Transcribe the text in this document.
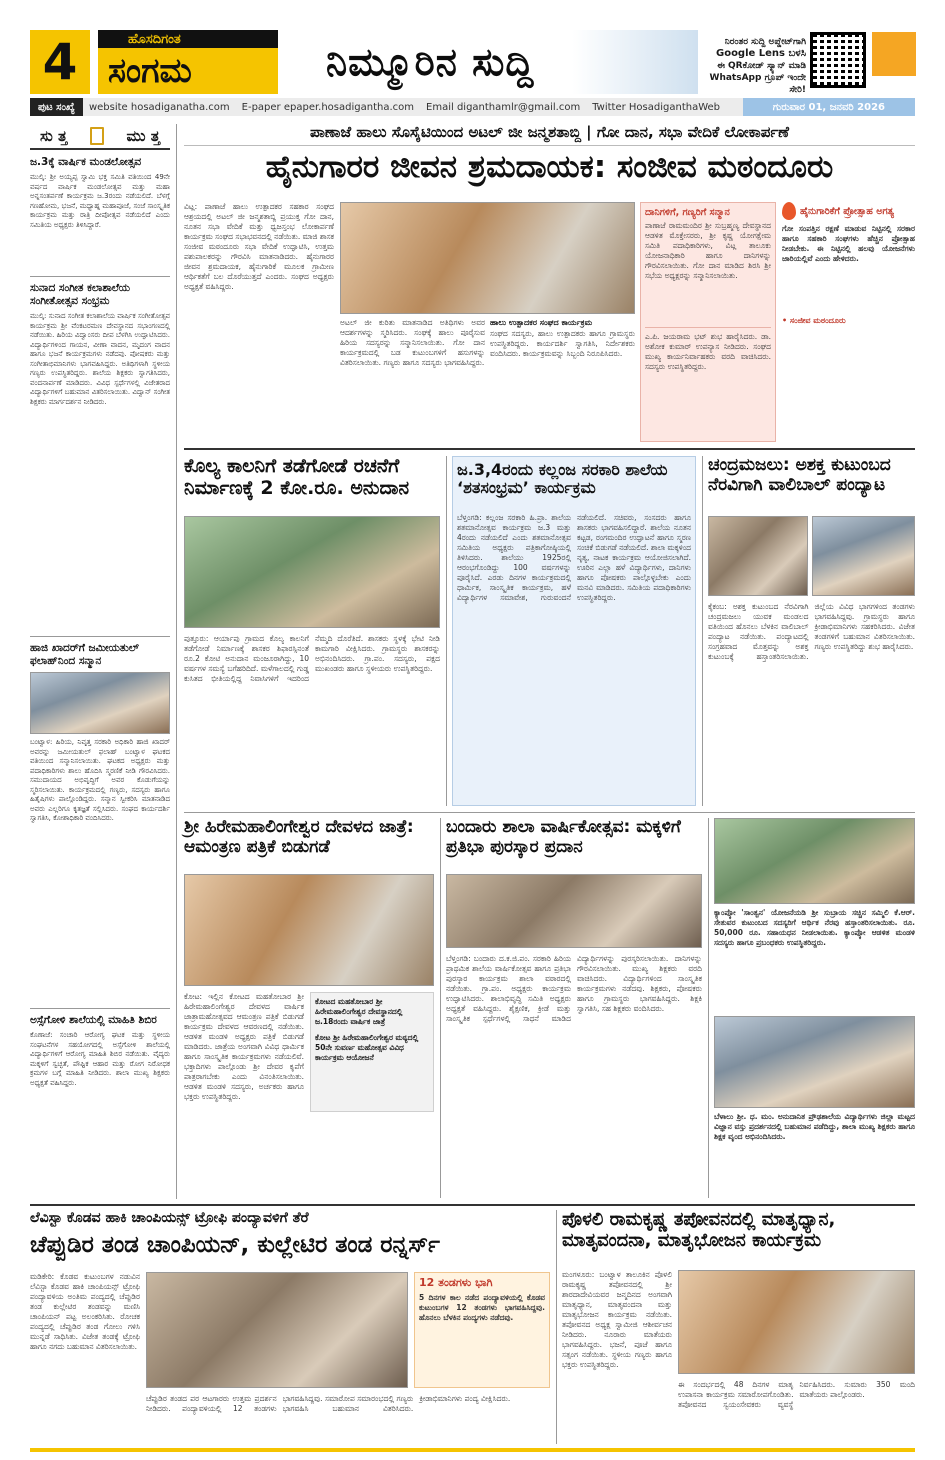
4	ಹೊಸದಿಗಂತ
ಸಂಗಮ	ನಿಮ್ಮೂರಿನ ಸುದ್ದಿ	ನಿರಂತರ ಸುದ್ದಿ ಅಪ್ಡೇಟ್‌ಗಾಗಿ
Google Lens ಬಳಸಿ
ಈ QRಕೋಡ್ ಸ್ಕ್ಯಾನ್ ಮಾಡಿ
WhatsApp ಗ್ರೂಪ್ ಇಂದೇ ಸೇರಿ!
ಪುಟ ಸಂಖ್ಯೆ	website hosadiganatha.com	E-paper epaper.hosadigantha.com	Email diganthamlr@gmail.com	Twitter HosadiganthaWeb	ಗುರುವಾರ 01, ಜನವರಿ 2026
ಸು ತ್ತ	ಮು ತ್ತ
ಜ.3ಕ್ಕೆ ವಾರ್ಷಿಕ ಮಂಡಲೋತ್ಸವ
ಮುಲ್ಕಿ: ಶ್ರೀ ಅಯ್ಯಪ್ಪ ಸ್ವಾಮಿ ಭಕ್ತ ಸಮಿತಿ ವತಿಯಿಂದ 49ನೇ ವರ್ಷದ ವಾರ್ಷಿಕ ಮಂಡಲೋತ್ಸವ ಮತ್ತು ಮಹಾ ಅನ್ನಸಂತರ್ಪಣೆ ಕಾರ್ಯಕ್ರಮ ಜ.3ರಂದು ನಡೆಯಲಿದೆ. ಬೆಳಗ್ಗೆ ಗಣಹೋಮ, ಭಜನೆ, ಮಧ್ಯಾಹ್ನ ಮಹಾಪೂಜೆ, ಸಂಜೆ ಸಾಂಸ್ಕೃತಿಕ ಕಾರ್ಯಕ್ರಮ ಮತ್ತು ರಾತ್ರಿ ದೀಪೋತ್ಸವ ನಡೆಯಲಿದೆ ಎಂದು ಸಮಿತಿಯ ಅಧ್ಯಕ್ಷರು ತಿಳಿಸಿದ್ದಾರೆ.
ಸುನಾದ ಸಂಗೀತ ಕಲಾಶಾಲೆಯ ಸಂಗೀತೋತ್ಸವ ಸಂಭ್ರಮ
ಮುಲ್ಕಿ: ಸುನಾದ ಸಂಗೀತ ಕಲಾಶಾಲೆಯ ವಾರ್ಷಿಕ ಸಂಗೀತೋತ್ಸವ ಕಾರ್ಯಕ್ರಮ ಶ್ರೀ ವೆಂಕಟರಮಣ ದೇವಸ್ಥಾನದ ಸಭಾಂಗಣದಲ್ಲಿ ನಡೆಯಿತು. ಹಿರಿಯ ವಿದ್ವಾಂಸರು ದೀಪ ಬೆಳಗಿಸಿ ಉದ್ಘಾಟಿಸಿದರು. ವಿದ್ಯಾರ್ಥಿಗಳಿಂದ ಗಾಯನ, ವೀಣಾ ವಾದನ, ಮೃದಂಗ ವಾದನ ಹಾಗೂ ಭಜನೆ ಕಾರ್ಯಕ್ರಮಗಳು ನಡೆದವು. ಪೋಷಕರು ಮತ್ತು ಸಂಗೀತಾಭಿಮಾನಿಗಳು ಭಾಗವಹಿಸಿದ್ದರು. ಅತಿಥಿಗಳಾಗಿ ಸ್ಥಳೀಯ ಗಣ್ಯರು ಉಪಸ್ಥಿತರಿದ್ದರು. ಶಾಲೆಯ ಶಿಕ್ಷಕರು ಸ್ವಾಗತಿಸಿದರು, ವಂದನಾರ್ಪಣೆ ಮಾಡಿದರು. ವಿವಿಧ ಸ್ಪರ್ಧೆಗಳಲ್ಲಿ ವಿಜೇತರಾದ ವಿದ್ಯಾರ್ಥಿಗಳಿಗೆ ಬಹುಮಾನ ವಿತರಿಸಲಾಯಿತು. ವಿದ್ವಾನ್ ಸಂಗೀತ ಶಿಕ್ಷಕರು ಮಾರ್ಗದರ್ಶನ ನೀಡಿದರು.
ಹಾಜಿ ಖಾದರ್‌ಗೆ ಜಮೀಯತುಲ್ ಫಲಾಹ್‌ನಿಂದ ಸನ್ಮಾನ
ಬಂಟ್ವಾಳ: ಹಿರಿಯ, ನಿವೃತ್ತ ಸರಕಾರಿ ಅಧಿಕಾರಿ ಹಾಜಿ ಖಾದರ್ ಅವರನ್ನು ಜಮೀಯತುಲ್ ಫಲಾಹ್ ಬಂಟ್ವಾಳ ಘಟಕದ ವತಿಯಿಂದ ಸನ್ಮಾನಿಸಲಾಯಿತು. ಘಟಕದ ಅಧ್ಯಕ್ಷರು ಮತ್ತು ಪದಾಧಿಕಾರಿಗಳು ಶಾಲು ಹೊದಿಸಿ ಸ್ಮರಣಿಕೆ ನೀಡಿ ಗೌರವಿಸಿದರು. ಸಮುದಾಯದ ಅಭಿವೃದ್ಧಿಗೆ ಅವರ ಕೊಡುಗೆಯನ್ನು ಸ್ಮರಿಸಲಾಯಿತು. ಕಾರ್ಯಕ್ರಮದಲ್ಲಿ ಗಣ್ಯರು, ಸದಸ್ಯರು ಹಾಗೂ ಹಿತೈಷಿಗಳು ಪಾಲ್ಗೊಂಡಿದ್ದರು. ಸನ್ಮಾನ ಸ್ವೀಕರಿಸಿ ಮಾತನಾಡಿದ ಅವರು ಎಲ್ಲರಿಗೂ ಕೃತಜ್ಞತೆ ಸಲ್ಲಿಸಿದರು. ಸಂಘದ ಕಾರ್ಯದರ್ಶಿ ಸ್ವಾಗತಿಸಿ, ಕೋಶಾಧಿಕಾರಿ ವಂದಿಸಿದರು.
ಅಸ್ಸೆಗೋಳಿ ಶಾಲೆಯಲ್ಲಿ ಮಾಹಿತಿ ಶಿಬಿರ
ಕೊಣಾಜೆ: ಸಂಚಾರಿ ಆರೋಗ್ಯ ಘಟಕ ಮತ್ತು ಸ್ಥಳೀಯ ಸಂಘಟನೆಗಳ ಸಹಯೋಗದಲ್ಲಿ ಅಸ್ಸೆಗೋಳಿ ಶಾಲೆಯಲ್ಲಿ ವಿದ್ಯಾರ್ಥಿಗಳಿಗೆ ಆರೋಗ್ಯ ಮಾಹಿತಿ ಶಿಬಿರ ನಡೆಯಿತು. ವೈದ್ಯರು ಮಕ್ಕಳಿಗೆ ಸ್ವಚ್ಛತೆ, ಪೌಷ್ಟಿಕ ಆಹಾರ ಮತ್ತು ರೋಗ ನಿರೋಧಕ ಕ್ರಮಗಳ ಬಗ್ಗೆ ಮಾಹಿತಿ ನೀಡಿದರು. ಶಾಲಾ ಮುಖ್ಯ ಶಿಕ್ಷಕರು ಅಧ್ಯಕ್ಷತೆ ವಹಿಸಿದ್ದರು.
ಪಾಣಾಜೆ ಹಾಲು ಸೊಸೈಟಿಯಿಂದ ಅಟಲ್ ಜೀ ಜನ್ಮಶತಾಬ್ದಿ | ಗೋ ದಾನ, ಸಭಾ ವೇದಿಕೆ ಲೋಕಾರ್ಪಣೆ
ಹೈನುಗಾರರ ಜೀವನ ಶ್ರಮದಾಯಕ: ಸಂಜೀವ ಮಠಂದೂರು
ವಿಟ್ಲ: ಪಾಣಾಜೆ ಹಾಲು ಉತ್ಪಾದಕರ ಸಹಕಾರ ಸಂಘದ ಆಶ್ರಯದಲ್ಲಿ ಅಟಲ್ ಜೀ ಜನ್ಮಶತಾಬ್ದಿ ಪ್ರಯುಕ್ತ ಗೋ ದಾನ, ನೂತನ ಸಭಾ ವೇದಿಕೆ ಮತ್ತು ಧ್ವಜಸ್ತಂಭ ಲೋಕಾರ್ಪಣೆ ಕಾರ್ಯಕ್ರಮ ಸಂಘದ ಸಭಾಭವನದಲ್ಲಿ ನಡೆಯಿತು. ಮಾಜಿ ಶಾಸಕ ಸಂಜೀವ ಮಠಂದೂರು ಸಭಾ ವೇದಿಕೆ ಉದ್ಘಾಟಿಸಿ, ಉತ್ತಮ ಪಶುಪಾಲಕರನ್ನು ಗೌರವಿಸಿ ಮಾತನಾಡಿದರು. ಹೈನುಗಾರರ ಜೀವನ ಶ್ರಮದಾಯಕ, ಹೈನುಗಾರಿಕೆ ಮೂಲಕ ಗ್ರಾಮೀಣ ಆರ್ಥಿಕತೆಗೆ ಬಲ ದೊರೆಯುತ್ತದೆ ಎಂದರು. ಸಂಘದ ಅಧ್ಯಕ್ಷರು ಅಧ್ಯಕ್ಷತೆ ವಹಿಸಿದ್ದರು.
ಅಟಲ್ ಜೀ ಕುರಿತು ಮಾತನಾಡಿದ ಅತಿಥಿಗಳು ಅವರ ಆದರ್ಶಗಳನ್ನು ಸ್ಮರಿಸಿದರು. ಸಂಘಕ್ಕೆ ಹಾಲು ಪೂರೈಸುವ ಹಿರಿಯ ಸದಸ್ಯರನ್ನು ಸನ್ಮಾನಿಸಲಾಯಿತು. ಗೋ ದಾನ ಕಾರ್ಯಕ್ರಮದಲ್ಲಿ ಬಡ ಕುಟುಂಬಗಳಿಗೆ ಹಸುಗಳನ್ನು ವಿತರಿಸಲಾಯಿತು. ಗಣ್ಯರು ಹಾಗೂ ಸದಸ್ಯರು ಭಾಗವಹಿಸಿದ್ದರು.
ಹಾಲು ಉತ್ಪಾದಕರ ಸಂಘದ ಕಾರ್ಯಕ್ರಮ
ಸಂಘದ ಸದಸ್ಯರು, ಹಾಲು ಉತ್ಪಾದಕರು ಹಾಗೂ ಗ್ರಾಮಸ್ಥರು ಉಪಸ್ಥಿತರಿದ್ದರು. ಕಾರ್ಯದರ್ಶಿ ಸ್ವಾಗತಿಸಿ, ನಿರ್ದೇಶಕರು ವಂದಿಸಿದರು. ಕಾರ್ಯಕ್ರಮವನ್ನು ಸಿಬ್ಬಂದಿ ನಿರೂಪಿಸಿದರು.
ದಾನಿಗಳಿಗೆ, ಗಣ್ಯರಿಗೆ ಸನ್ಮಾನ
ಪಾಣಾಜೆ ರಾಮಮಂದಿರ ಶ್ರೀ ಸುಬ್ರಹ್ಮಣ್ಯ ದೇವಸ್ಥಾನದ ಆಡಳಿತ ಮೊಕ್ತೇಸರರು, ಶ್ರೀ ಕೃಷ್ಣ ಯೋಗಕ್ಷೇಮ ಸಮಿತಿ ಪದಾಧಿಕಾರಿಗಳು, ವಿಟ್ಲ ತಾಲೂಕು ಯೋಜನಾಧಿಕಾರಿ ಹಾಗೂ ದಾನಿಗಳನ್ನು ಗೌರವಿಸಲಾಯಿತು. ಗೋ ದಾನ ಮಾಡಿದ ಶಿರಸಿ ಶ್ರೀ ಸಭೆಯ ಅಧ್ಯಕ್ಷರನ್ನು ಸನ್ಮಾನಿಸಲಾಯಿತು.
ಎ.ಪಿ. ಜಯರಾಮ ಭಟ್ ಶುಭ ಹಾರೈಸಿದರು. ಡಾ. ಅಶೋಕ ಕುಮಾರ್ ಉಪನ್ಯಾಸ ನೀಡಿದರು. ಸಂಘದ ಮುಖ್ಯ ಕಾರ್ಯನಿರ್ವಾಹಕರು ವರದಿ ವಾಚಿಸಿದರು. ಸದಸ್ಯರು ಉಪಸ್ಥಿತರಿದ್ದರು.
ಹೈನುಗಾರಿಕೆಗೆ ಪ್ರೋತ್ಸಾಹ ಅಗತ್ಯ
ಗೋ ಸಂಪತ್ತಿನ ರಕ್ಷಣೆ ಮಾಡುವ ನಿಟ್ಟಿನಲ್ಲಿ ಸರಕಾರ ಹಾಗೂ ಸಹಕಾರಿ ಸಂಘಗಳು ಹೆಚ್ಚಿನ ಪ್ರೋತ್ಸಾಹ ನೀಡಬೇಕು. ಈ ನಿಟ್ಟಿನಲ್ಲಿ ಹಲವು ಯೋಜನೆಗಳು ಜಾರಿಯಲ್ಲಿವೆ ಎಂದು ಹೇಳಿದರು.
• ಸಂಜೀವ ಮಠಂದೂರು
ಕೊಲ್ಯ ಕಾಲನಿಗೆ ತಡೆಗೋಡೆ ರಚನೆಗೆ ನಿರ್ಮಾಣಕ್ಕೆ 2 ಕೋ.ರೂ. ಅನುದಾನ
ಪುತ್ತೂರು: ಆರ್ಯಾಪು ಗ್ರಾಮದ ಕೊಲ್ಯ ಕಾಲನಿಗೆ ತಡೆಗೋಡೆ ನಿರ್ಮಾಣಕ್ಕೆ ಶಾಸಕರ ಶಿಫಾರಸ್ಸಿನಂತೆ ರೂ.2 ಕೋಟಿ ಅನುದಾನ ಮಂಜೂರಾಗಿದ್ದು, 10 ವರ್ಷಗಳ ಸಮಸ್ಯೆ ಬಗೆಹರಿದಿದೆ. ಮಳೆಗಾಲದಲ್ಲಿ ಗುಡ್ಡ ಕುಸಿತದ ಭೀತಿಯಲ್ಲಿದ್ದ ನಿವಾಸಿಗಳಿಗೆ ಇದರಿಂದ ನೆಮ್ಮದಿ ದೊರೆತಿದೆ. ಶಾಸಕರು ಸ್ಥಳಕ್ಕೆ ಭೇಟಿ ನೀಡಿ ಕಾಮಗಾರಿ ವೀಕ್ಷಿಸಿದರು. ಗ್ರಾಮಸ್ಥರು ಶಾಸಕರನ್ನು ಅಭಿನಂದಿಸಿದರು. ಗ್ರಾ.ಪಂ. ಸದಸ್ಯರು, ಪಕ್ಷದ ಮುಖಂಡರು ಹಾಗೂ ಸ್ಥಳೀಯರು ಉಪಸ್ಥಿತರಿದ್ದರು.
ಜ.3,4ರಂದು ಕಲ್ಲಂಜ ಸರಕಾರಿ ಶಾಲೆಯ ‘ಶತಸಂಭ್ರಮ’ ಕಾರ್ಯಕ್ರಮ
ಬೆಳ್ತಂಗಡಿ: ಕಲ್ಲಂಜ ಸರಕಾರಿ ಹಿ.ಪ್ರಾ. ಶಾಲೆಯ ಶತಮಾನೋತ್ಸವ ಕಾರ್ಯಕ್ರಮ ಜ.3 ಮತ್ತು 4ರಂದು ನಡೆಯಲಿದೆ ಎಂದು ಶತಮಾನೋತ್ಸವ ಸಮಿತಿಯ ಅಧ್ಯಕ್ಷರು ಪತ್ರಿಕಾಗೋಷ್ಠಿಯಲ್ಲಿ ತಿಳಿಸಿದರು. ಶಾಲೆಯು 1925ರಲ್ಲಿ ಆರಂಭಗೊಂಡಿದ್ದು 100 ವರ್ಷಗಳನ್ನು ಪೂರೈಸಿದೆ. ಎರಡು ದಿನಗಳ ಕಾರ್ಯಕ್ರಮದಲ್ಲಿ ಧಾರ್ಮಿಕ, ಸಾಂಸ್ಕೃತಿಕ ಕಾರ್ಯಕ್ರಮ, ಹಳೆ ವಿದ್ಯಾರ್ಥಿಗಳ ಸಮಾವೇಶ, ಗುರುವಂದನೆ ನಡೆಯಲಿದೆ. ಸಚಿವರು, ಸಂಸದರು ಹಾಗೂ ಶಾಸಕರು ಭಾಗವಹಿಸಲಿದ್ದಾರೆ. ಶಾಲೆಯ ನೂತನ ಕಟ್ಟಡ, ರಂಗಮಂದಿರ ಉದ್ಘಾಟನೆ ಹಾಗೂ ಸ್ಮರಣ ಸಂಚಿಕೆ ಬಿಡುಗಡೆ ನಡೆಯಲಿದೆ. ಶಾಲಾ ಮಕ್ಕಳಿಂದ ನೃತ್ಯ, ನಾಟಕ ಕಾರ್ಯಕ್ರಮ ಆಯೋಜಿಸಲಾಗಿದೆ. ಊರಿನ ಎಲ್ಲಾ ಹಳೆ ವಿದ್ಯಾರ್ಥಿಗಳು, ದಾನಿಗಳು ಹಾಗೂ ಪೋಷಕರು ಪಾಲ್ಗೊಳ್ಳಬೇಕು ಎಂದು ಮನವಿ ಮಾಡಿದರು. ಸಮಿತಿಯ ಪದಾಧಿಕಾರಿಗಳು ಉಪಸ್ಥಿತರಿದ್ದರು.
ಚಂದ್ರಮಜಲು: ಅಶಕ್ತ ಕುಟುಂಬದ ನೆರವಿಗಾಗಿ ವಾಲಿಬಾಲ್ ಪಂದ್ಯಾಟ
ಕೈಕಂಬ: ಅಶಕ್ತ ಕುಟುಂಬದ ನೆರವಿಗಾಗಿ ಚಂದ್ರಮಜಲು ಯುವಕ ಮಂಡಲದ ವತಿಯಿಂದ ಹೊನಲು ಬೆಳಕಿನ ವಾಲಿಬಾಲ್ ಪಂದ್ಯಾಟ ನಡೆಯಿತು. ಪಂದ್ಯಾಟದಲ್ಲಿ ಸಂಗ್ರಹವಾದ ಮೊತ್ತವನ್ನು ಅಶಕ್ತ ಕುಟುಂಬಕ್ಕೆ ಹಸ್ತಾಂತರಿಸಲಾಯಿತು. ಜಿಲ್ಲೆಯ ವಿವಿಧ ಭಾಗಗಳಿಂದ ತಂಡಗಳು ಭಾಗವಹಿಸಿದ್ದವು. ಗ್ರಾಮಸ್ಥರು ಹಾಗೂ ಕ್ರೀಡಾಭಿಮಾನಿಗಳು ಸಹಕರಿಸಿದರು. ವಿಜೇತ ತಂಡಗಳಿಗೆ ಬಹುಮಾನ ವಿತರಿಸಲಾಯಿತು. ಗಣ್ಯರು ಉಪಸ್ಥಿತರಿದ್ದು ಶುಭ ಹಾರೈಸಿದರು.
ಶ್ರೀ ಹಿರೇಮಹಾಲಿಂಗೇಶ್ವರ ದೇವಳದ ಜಾತ್ರೆ: ಆಮಂತ್ರಣ ಪತ್ರಿಕೆ ಬಿಡುಗಡೆ
ಕೋಟ: ಇಲ್ಲಿನ ಕೋಟದ ಮಹತೋಬಾರ ಶ್ರೀ ಹಿರೇಮಹಾಲಿಂಗೇಶ್ವರ ದೇವಳದ ವಾರ್ಷಿಕ ಜಾತ್ರಾಮಹೋತ್ಸವದ ಆಮಂತ್ರಣ ಪತ್ರಿಕೆ ಬಿಡುಗಡೆ ಕಾರ್ಯಕ್ರಮ ದೇವಳದ ಆವರಣದಲ್ಲಿ ನಡೆಯಿತು. ಆಡಳಿತ ಮಂಡಳಿ ಅಧ್ಯಕ್ಷರು ಪತ್ರಿಕೆ ಬಿಡುಗಡೆ ಮಾಡಿದರು. ಜಾತ್ರೆಯ ಅಂಗವಾಗಿ ವಿವಿಧ ಧಾರ್ಮಿಕ ಹಾಗೂ ಸಾಂಸ್ಕೃತಿಕ ಕಾರ್ಯಕ್ರಮಗಳು ನಡೆಯಲಿವೆ. ಭಕ್ತಾದಿಗಳು ಪಾಲ್ಗೊಂಡು ಶ್ರೀ ದೇವರ ಕೃಪೆಗೆ ಪಾತ್ರರಾಗಬೇಕು ಎಂದು ವಿನಂತಿಸಲಾಯಿತು. ಆಡಳಿತ ಮಂಡಳಿ ಸದಸ್ಯರು, ಅರ್ಚಕರು ಹಾಗೂ ಭಕ್ತರು ಉಪಸ್ಥಿತರಿದ್ದರು.
ಕೋಟದ ಮಹತೋಬಾರ ಶ್ರೀ ಹಿರೇಮಹಾಲಿಂಗೇಶ್ವರ ದೇವಸ್ಥಾನದಲ್ಲಿ ಜ.18ರಂದು ವಾರ್ಷಿಕ ಜಾತ್ರೆ
ಕೋಟ ಶ್ರೀ ಹಿರೇಮಹಾಲಿಂಗೇಶ್ವರ ಮಠ್ಯದಲ್ಲಿ 50ನೇ ಸುವರ್ಣ ಮಹೋತ್ಸವ ವಿವಿಧ ಕಾರ್ಯಕ್ರಮ ಆಯೋಜನೆ
ಬಂದಾರು ಶಾಲಾ ವಾರ್ಷಿಕೋತ್ಸವ: ಮಕ್ಕಳಿಗೆ ಪ್ರತಿಭಾ ಪುರಸ್ಕಾರ ಪ್ರದಾನ
ಬೆಳ್ತಂಗಡಿ: ಬಂದಾರು ದ.ಕ.ಜಿ.ಪಂ. ಸರಕಾರಿ ಹಿರಿಯ ಪ್ರಾಥಮಿಕ ಶಾಲೆಯ ವಾರ್ಷಿಕೋತ್ಸವ ಹಾಗೂ ಪ್ರತಿಭಾ ಪುರಸ್ಕಾರ ಕಾರ್ಯಕ್ರಮ ಶಾಲಾ ವಠಾರದಲ್ಲಿ ನಡೆಯಿತು. ಗ್ರಾ.ಪಂ. ಅಧ್ಯಕ್ಷರು ಕಾರ್ಯಕ್ರಮ ಉದ್ಘಾಟಿಸಿದರು. ಶಾಲಾಭಿವೃದ್ಧಿ ಸಮಿತಿ ಅಧ್ಯಕ್ಷರು ಅಧ್ಯಕ್ಷತೆ ವಹಿಸಿದ್ದರು. ಶೈಕ್ಷಣಿಕ, ಕ್ರೀಡೆ ಮತ್ತು ಸಾಂಸ್ಕೃತಿಕ ಸ್ಪರ್ಧೆಗಳಲ್ಲಿ ಸಾಧನೆ ಮಾಡಿದ ವಿದ್ಯಾರ್ಥಿಗಳನ್ನು ಪುರಸ್ಕರಿಸಲಾಯಿತು. ದಾನಿಗಳನ್ನು ಗೌರವಿಸಲಾಯಿತು. ಮುಖ್ಯ ಶಿಕ್ಷಕರು ವರದಿ ವಾಚಿಸಿದರು. ವಿದ್ಯಾರ್ಥಿಗಳಿಂದ ಸಾಂಸ್ಕೃತಿಕ ಕಾರ್ಯಕ್ರಮಗಳು ನಡೆದವು. ಶಿಕ್ಷಕರು, ಪೋಷಕರು ಹಾಗೂ ಗ್ರಾಮಸ್ಥರು ಭಾಗವಹಿಸಿದ್ದರು. ಶಿಕ್ಷಕಿ ಸ್ವಾಗತಿಸಿ, ಸಹ ಶಿಕ್ಷಕರು ವಂದಿಸಿದರು.
ಕ್ಯಾಂಪ್ಕೋ 'ಸಾಂತ್ವನ' ಯೋಜನೆಯಡಿ ಶ್ರೀ ಸುಬ್ರಾಯ ಸಚ್ಚಿನ ಸಮ್ಮಿಲಿ ಕೆ.ಆರ್. ಸೇತುವರ ಕುಟುಂಬದ ಸದಸ್ಯರಿಗೆ ಆರ್ಥಿಕ ನೆರವು ಹಸ್ತಾಂತರಿಸಲಾಯಿತು. ರೂ. 50,000 ರೂ. ಸಹಾಯಧನ ನೀಡಲಾಯಿತು. ಕ್ಯಾಂಪ್ಕೋ ಆಡಳಿತ ಮಂಡಳಿ ಸದಸ್ಯರು ಹಾಗೂ ಪ್ರಬಂಧಕರು ಉಪಸ್ಥಿತರಿದ್ದರು.
ಬೆಳಾಲು ಶ್ರೀ. ಧ. ಮಂ. ಅನುದಾನಿತ ಪ್ರೌಢಶಾಲೆಯ ವಿದ್ಯಾರ್ಥಿಗಳು ಜಿಲ್ಲಾ ಮಟ್ಟದ ವಿಜ್ಞಾನ ವಸ್ತು ಪ್ರದರ್ಶನದಲ್ಲಿ ಬಹುಮಾನ ಪಡೆದಿದ್ದು, ಶಾಲಾ ಮುಖ್ಯ ಶಿಕ್ಷಕರು ಹಾಗೂ ಶಿಕ್ಷಕ ವೃಂದ ಅಭಿನಂದಿಸಿದರು.
ಲೆವಿಸ್ಟಾ ಕೊಡವ ಹಾಕಿ ಚಾಂಪಿಯನ್ಸ್ ಟ್ರೋಫಿ ಪಂದ್ಯಾವಳಿಗೆ ತೆರೆ
ಚೆಪ್ಪುಡಿರ ತಂಡ ಚಾಂಪಿಯನ್, ಕುಲ್ಲೇಟಿರ ತಂಡ ರನ್ನರ್ಸ್
ಮಡಿಕೇರಿ: ಕೊಡವ ಕುಟುಂಬಗಳ ನಡುವಿನ ಲೆವಿಸ್ಟಾ ಕೊಡವ ಹಾಕಿ ಚಾಂಪಿಯನ್ಸ್ ಟ್ರೋಫಿ ಪಂದ್ಯಾವಳಿಯ ಅಂತಿಮ ಪಂದ್ಯದಲ್ಲಿ ಚೆಪ್ಪುಡಿರ ತಂಡ ಕುಲ್ಲೇಟಿರ ತಂಡವನ್ನು ಮಣಿಸಿ ಚಾಂಪಿಯನ್ ಪಟ್ಟ ಅಲಂಕರಿಸಿತು. ರೋಚಕ ಪಂದ್ಯದಲ್ಲಿ ಚೆಪ್ಪುಡಿರ ತಂಡ ಗೋಲು ಗಳಿಸಿ ಮುನ್ನಡೆ ಸಾಧಿಸಿತು. ವಿಜೇತ ತಂಡಕ್ಕೆ ಟ್ರೋಫಿ ಹಾಗೂ ನಗದು ಬಹುಮಾನ ವಿತರಿಸಲಾಯಿತು.
12 ತಂಡಗಳು ಭಾಗಿ
5 ದಿನಗಳ ಕಾಲ ನಡೆದ ಪಂದ್ಯಾವಳಿಯಲ್ಲಿ ಕೊಡವ ಕುಟುಂಬಗಳ 12 ತಂಡಗಳು ಭಾಗವಹಿಸಿದ್ದವು. ಹೊನಲು ಬೆಳಕಿನ ಪಂದ್ಯಗಳು ನಡೆದವು.
ಚೆಪ್ಪುಡಿರ ತಂಡದ ಪರ ಆಟಗಾರರು ಉತ್ತಮ ಪ್ರದರ್ಶನ ನೀಡಿದರು. ಪಂದ್ಯಾವಳಿಯಲ್ಲಿ 12 ತಂಡಗಳು ಭಾಗವಹಿಸಿದ್ದವು. ಸಮಾರೋಪ ಸಮಾರಂಭದಲ್ಲಿ ಗಣ್ಯರು ಭಾಗವಹಿಸಿ ಬಹುಮಾನ ವಿತರಿಸಿದರು. ಕ್ರೀಡಾಭಿಮಾನಿಗಳು ಪಂದ್ಯ ವೀಕ್ಷಿಸಿದರು.
ಪೊಳಲಿ ರಾಮಕೃಷ್ಣ ತಪೋವನದಲ್ಲಿ ಮಾತೃಧ್ಯಾನ, ಮಾತೃವಂದನಾ, ಮಾತೃಭೋಜನ ಕಾರ್ಯಕ್ರಮ
ಮಂಗಳೂರು: ಬಂಟ್ವಾಳ ತಾಲೂಕಿನ ಪೊಳಲಿ ರಾಮಕೃಷ್ಣ ತಪೋವನದಲ್ಲಿ ಶ್ರೀ ಶಾರದಾದೇವಿಯವರ ಜನ್ಮದಿನದ ಅಂಗವಾಗಿ ಮಾತೃಧ್ಯಾನ, ಮಾತೃವಂದನಾ ಮತ್ತು ಮಾತೃಭೋಜನ ಕಾರ್ಯಕ್ರಮ ನಡೆಯಿತು. ತಪೋವನದ ಅಧ್ಯಕ್ಷ ಸ್ವಾಮೀಜಿ ಆಶೀರ್ವಚನ ನೀಡಿದರು. ನೂರಾರು ಮಾತೆಯರು ಭಾಗವಹಿಸಿದ್ದರು. ಭಜನೆ, ಪೂಜೆ ಹಾಗೂ ಸತ್ಸಂಗ ನಡೆಯಿತು. ಸ್ಥಳೀಯ ಗಣ್ಯರು ಹಾಗೂ ಭಕ್ತರು ಉಪಸ್ಥಿತರಿದ್ದರು.
ಈ ಸಂದರ್ಭದಲ್ಲಿ 48 ದಿನಗಳ ಮಾತೃ ಉಪಾಸನಾ ಕಾರ್ಯಕ್ರಮ ಸಮಾರೋಪಗೊಂಡಿತು. ತಪೋವನದ ಸ್ವಯಂಸೇವಕರು ವ್ಯವಸ್ಥೆ ನಿರ್ವಹಿಸಿದರು. ಸುಮಾರು 350 ಮಂದಿ ಮಾತೆಯರು ಪಾಲ್ಗೊಂಡರು.
